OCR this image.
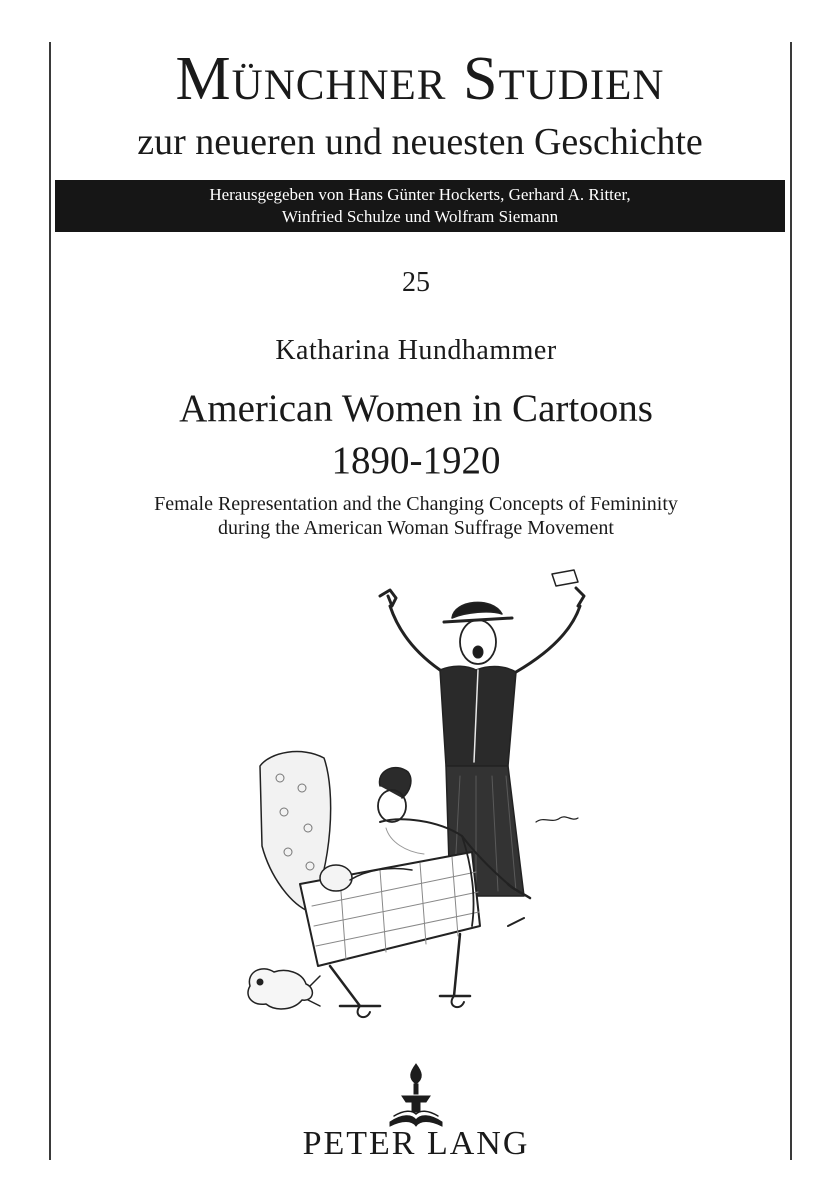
Münchner Studien
zur neueren und neuesten Geschichte
Herausgegeben von Hans Günter Hockerts, Gerhard A. Ritter,
Winfried Schulze und Wolfram Siemann
25
Katharina Hundhammer
American Women in Cartoons
1890-1920
Female Representation and the Changing Concepts of Femininity
during the American Woman Suffrage Movement
PETER LANG
